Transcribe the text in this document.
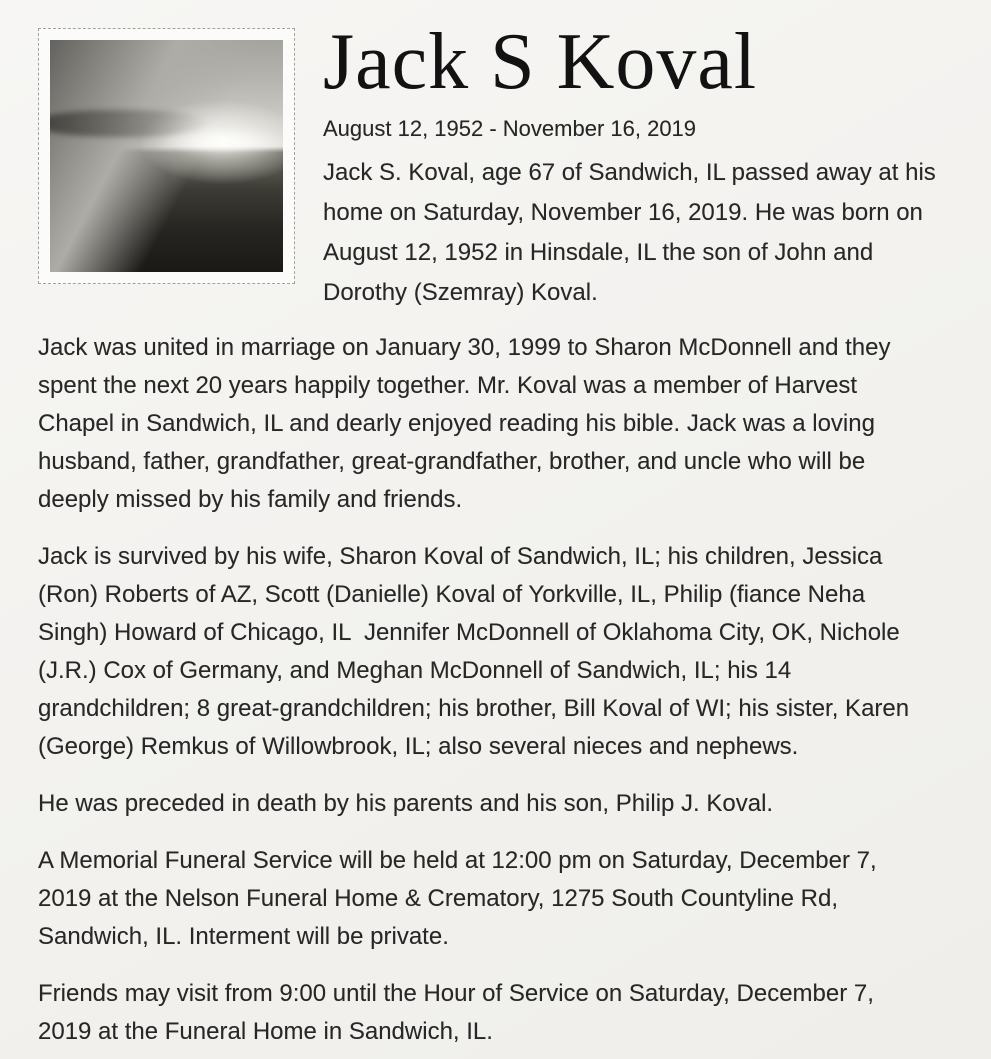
Jack S Koval
August 12, 1952 - November 16, 2019

Jack S. Koval, age 67 of Sandwich, IL passed away at his home on Saturday, November 16, 2019. He was born on August 12, 1952 in Hinsdale, IL the son of John and Dorothy (Szemray) Koval.

Jack was united in marriage on January 30, 1999 to Sharon McDonnell and they spent the next 20 years happily together. Mr. Koval was a member of Harvest Chapel in Sandwich, IL and dearly enjoyed reading his bible. Jack was a loving husband, father, grandfather, great-grandfather, brother, and uncle who will be deeply missed by his family and friends.

Jack is survived by his wife, Sharon Koval of Sandwich, IL; his children, Jessica (Ron) Roberts of AZ, Scott (Danielle) Koval of Yorkville, IL, Philip (fiance Neha Singh) Howard of Chicago, IL  Jennifer McDonnell of Oklahoma City, OK, Nichole (J.R.) Cox of Germany, and Meghan McDonnell of Sandwich, IL; his 14 grandchildren; 8 great-grandchildren; his brother, Bill Koval of WI; his sister, Karen (George) Remkus of Willowbrook, IL; also several nieces and nephews.

He was preceded in death by his parents and his son, Philip J. Koval.

A Memorial Funeral Service will be held at 12:00 pm on Saturday, December 7, 2019 at the Nelson Funeral Home & Crematory, 1275 South Countyline Rd, Sandwich, IL. Interment will be private.

Friends may visit from 9:00 until the Hour of Service on Saturday, December 7, 2019 at the Funeral Home in Sandwich, IL.
